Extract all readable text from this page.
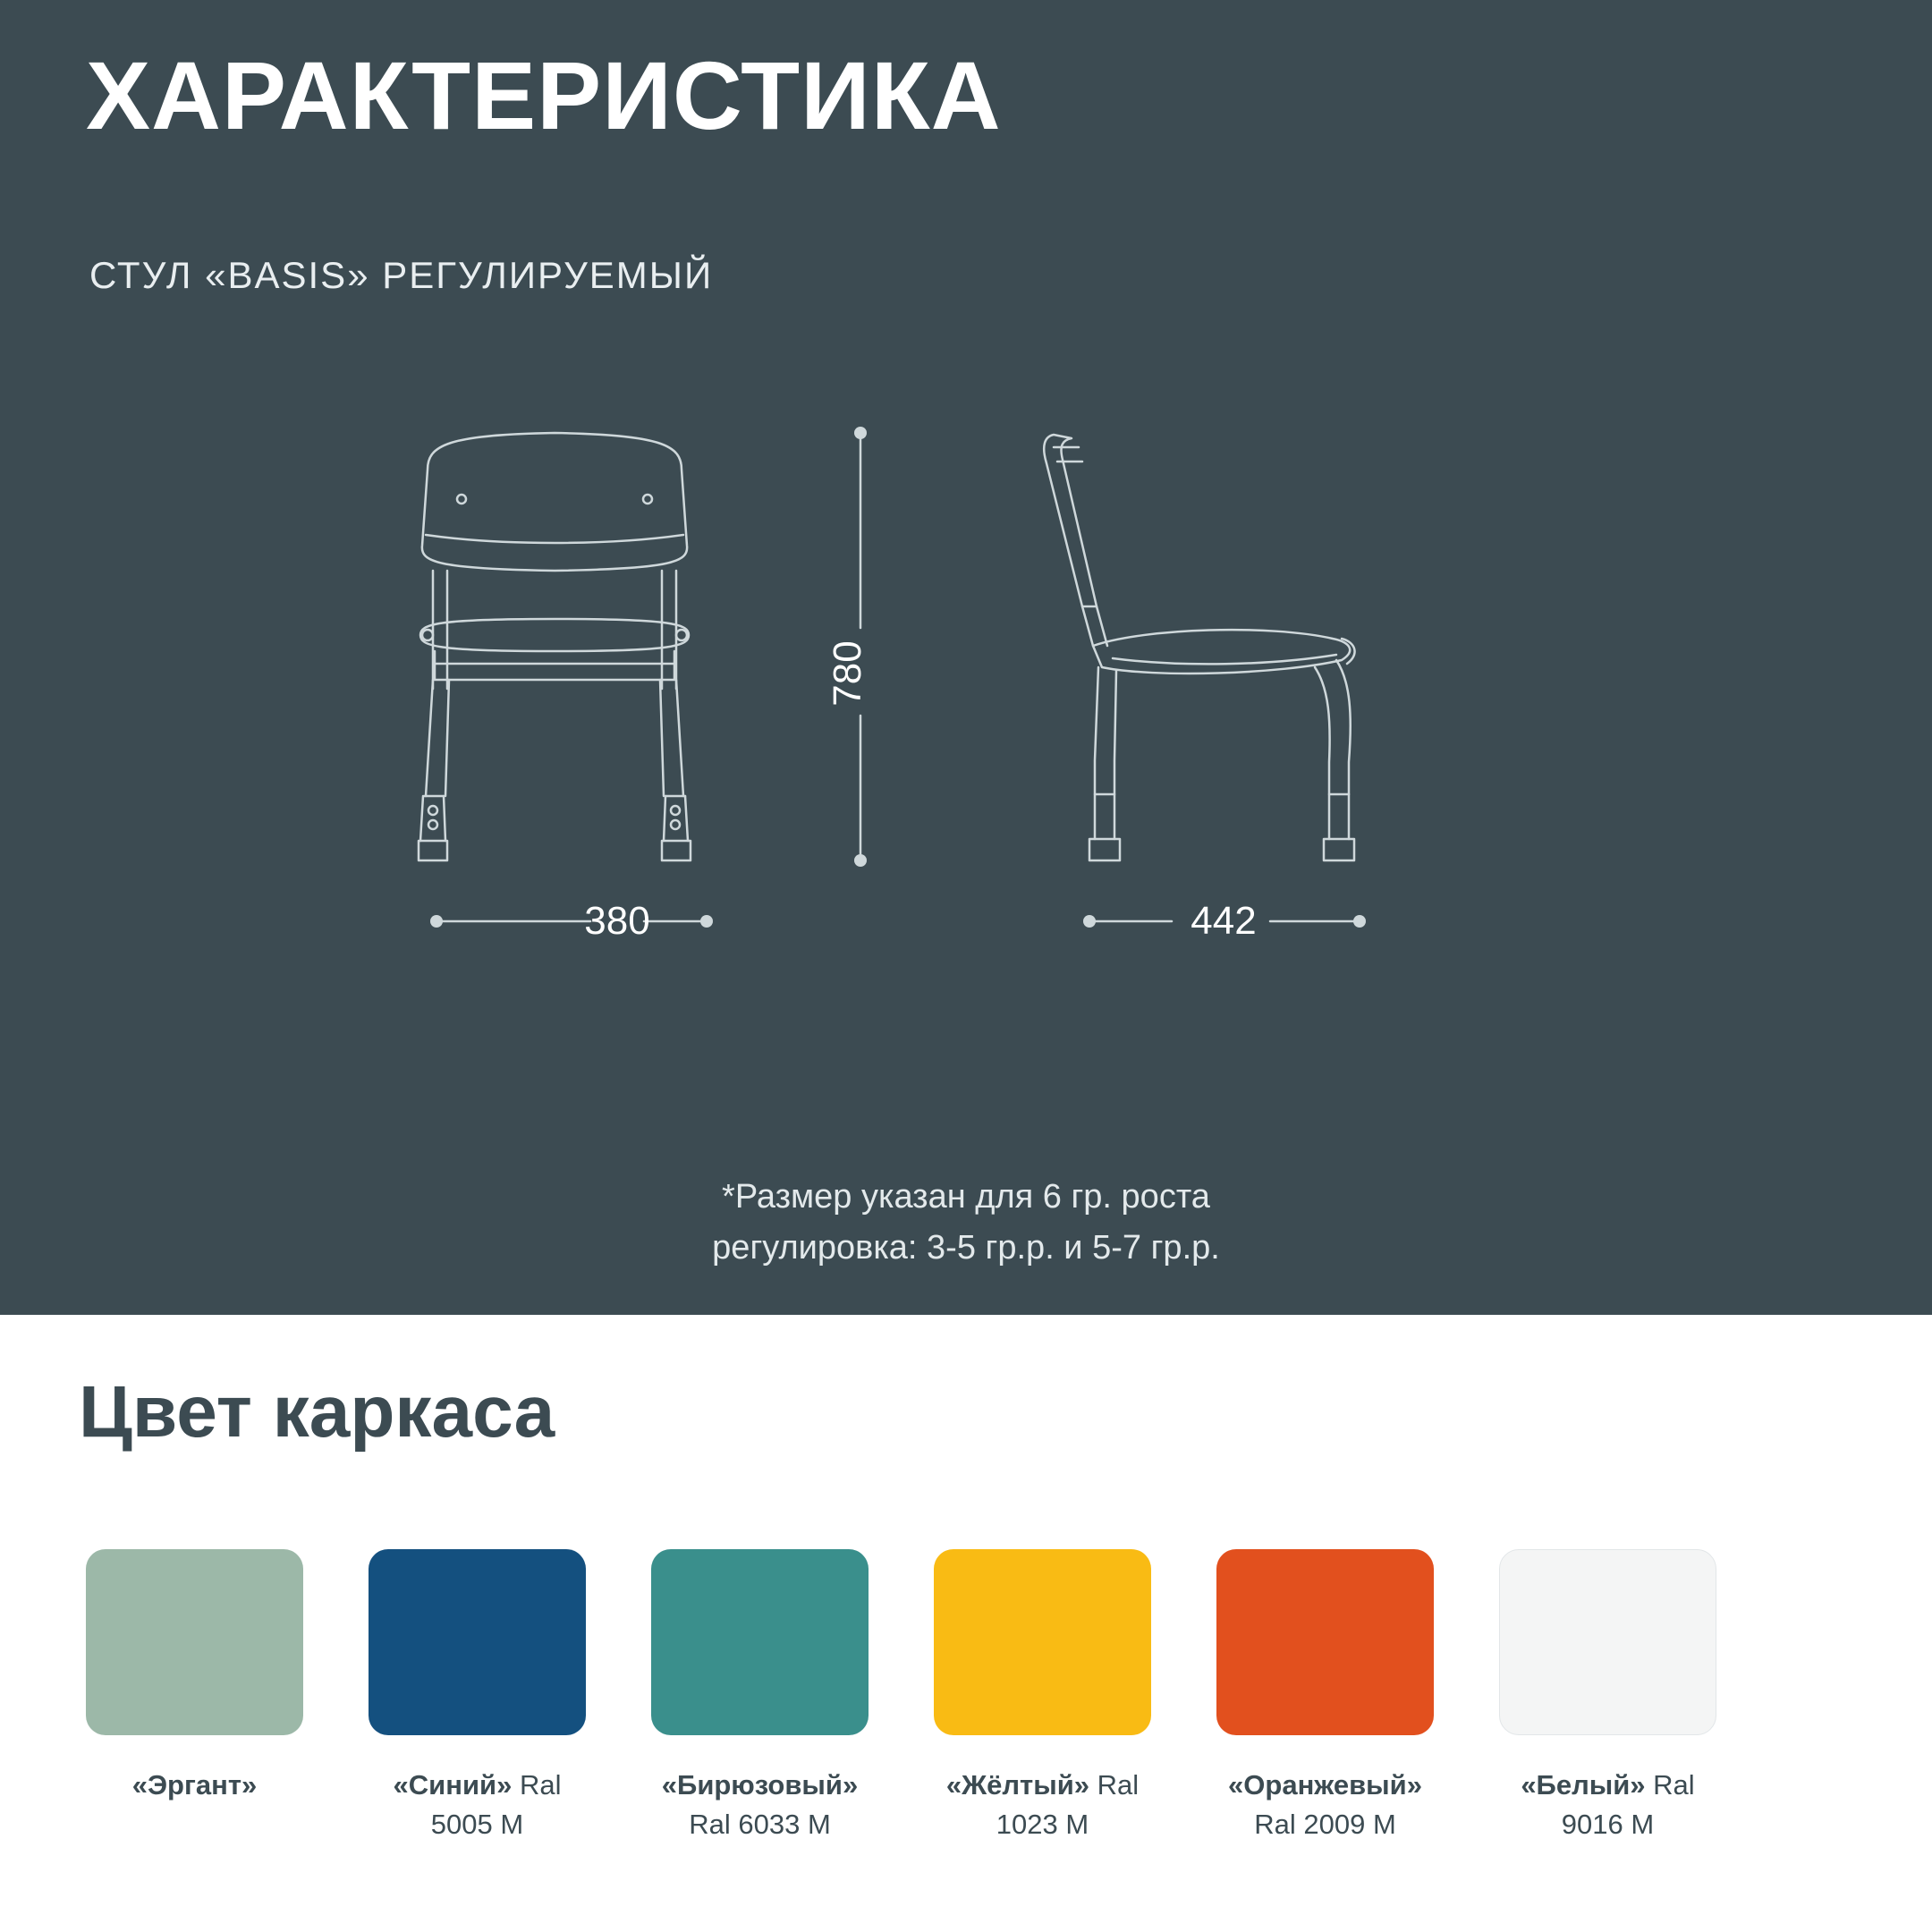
ХАРАКТЕРИСТИКА
СТУЛ «BASIS» РЕГУЛИРУЕМЫЙ
380
780
442
*Размер указан для 6 гр. роста
регулировка: 3-5 гр.р. и 5-7 гр.р.
Цвет каркаса
«Эргант»	«Синий» Ral 5005 M
«Бирюзовый» Ral 6033 M
«Жёлтый» Ral 1023 M
«Оранжевый» Ral 2009 M
«Белый» Ral 9016 M
